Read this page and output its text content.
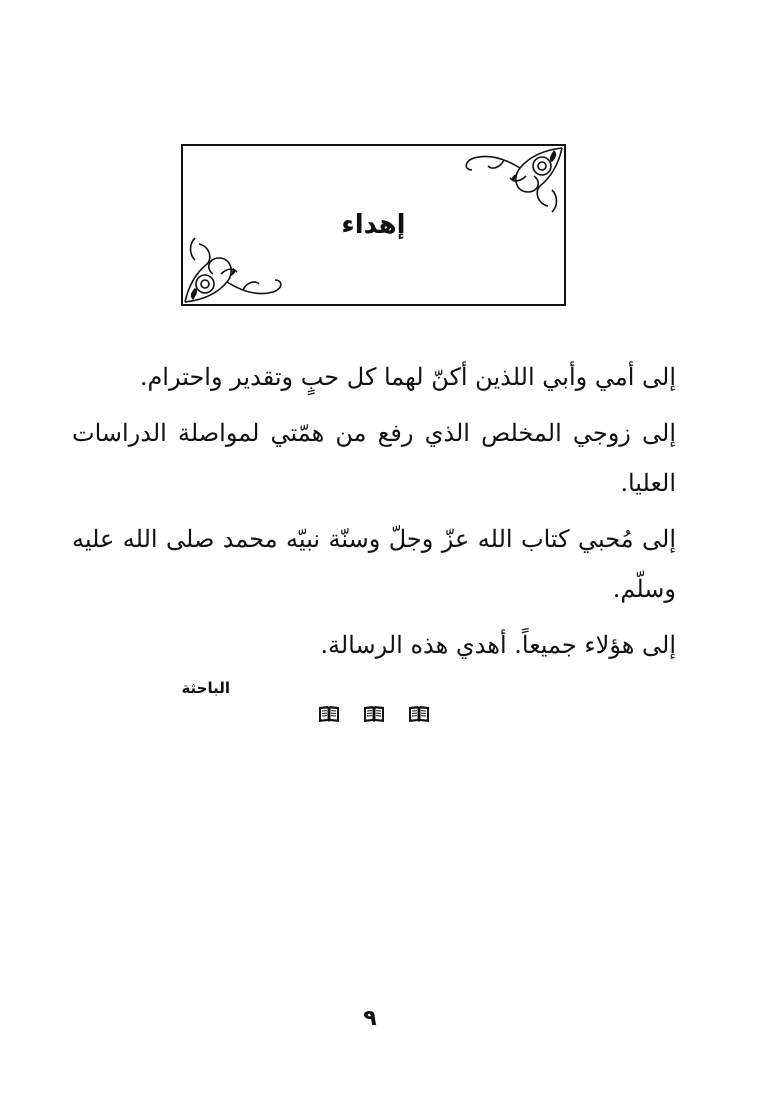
إهداء

إلى أمي وأبي اللذين أكنّ لهما كل حبٍ وتقدير واحترام.

إلى زوجي المخلص الذي رفع من همّتي لمواصلة الدراسات العليا.

إلى مُحبي كتاب الله عزّ وجلّ وسنّة نبيّه محمد صلى الله عليه وسلّم.

إلى هؤلاء جميعاً. أهدي هذه الرسالة.

الباحثة
٩
